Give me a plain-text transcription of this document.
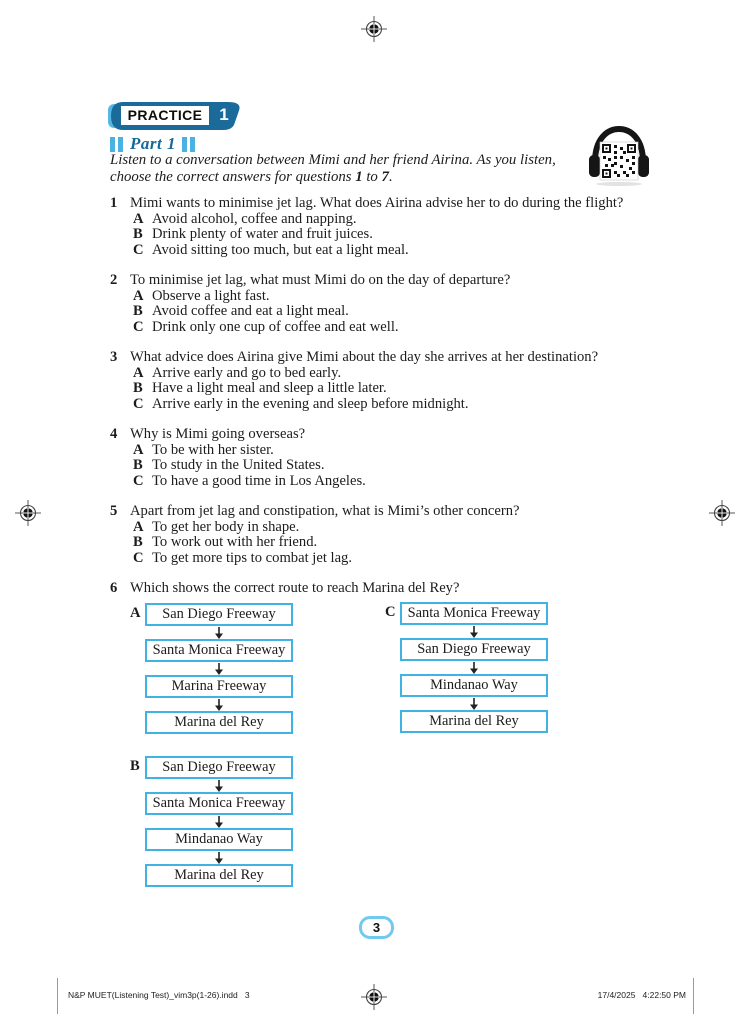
PRACTICE 1
Part 1
Listen to a conversation between Mimi and her friend Airina. As you listen, choose the correct answers for questions 1 to 7.
1 Mimi wants to minimise jet lag. What does Airina advise her to do during the flight?
A Avoid alcohol, coffee and napping.
B Drink plenty of water and fruit juices.
C Avoid sitting too much, but eat a light meal.
2 To minimise jet lag, what must Mimi do on the day of departure?
A Observe a light fast.
B Avoid coffee and eat a light meal.
C Drink only one cup of coffee and eat well.
3 What advice does Airina give Mimi about the day she arrives at her destination?
A Arrive early and go to bed early.
B Have a light meal and sleep a little later.
C Arrive early in the evening and sleep before midnight.
4 Why is Mimi going overseas?
A To be with her sister.
B To study in the United States.
C To have a good time in Los Angeles.
5 Apart from jet lag and constipation, what is Mimi’s other concern?
A To get her body in shape.
B To work out with her friend.
C To get more tips to combat jet lag.
6 Which shows the correct route to reach Marina del Rey?
A	San Diego Freeway
Santa Monica Freeway
Marina Freeway
Marina del Rey
C Santa Monica Freeway
San Diego Freeway
Mindanao Way
Marina del Rey
B	San Diego Freeway
Santa Monica Freeway
Mindanao Way
Marina del Rey
3
N&P MUET(Listening Test)_vim3p(1-26).indd   3	17/4/2025   4:22:50 PM
